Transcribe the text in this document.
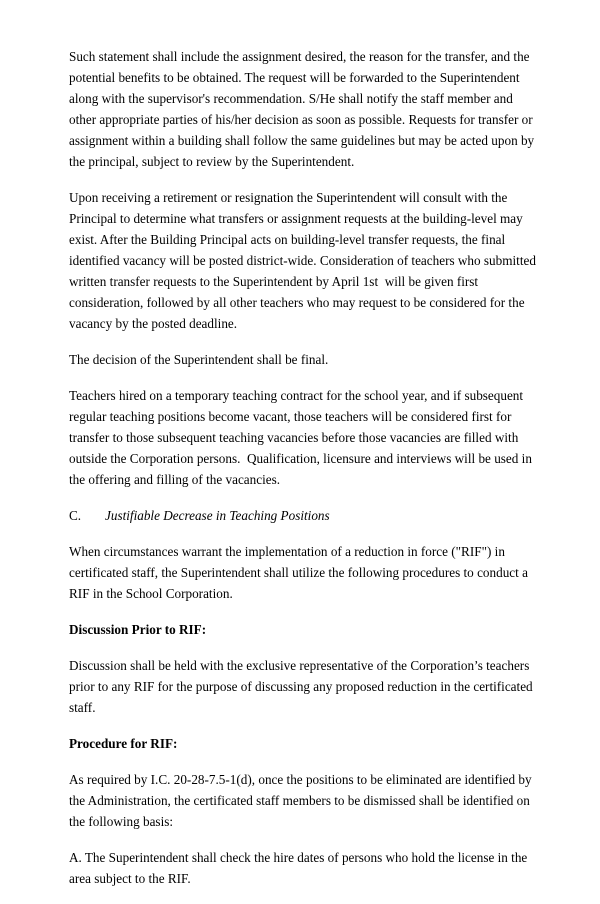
Such statement shall include the assignment desired, the reason for the transfer, and the potential benefits to be obtained. The request will be forwarded to the Superintendent along with the supervisor's recommendation. S/He shall notify the staff member and other appropriate parties of his/her decision as soon as possible. Requests for transfer or assignment within a building shall follow the same guidelines but may be acted upon by the principal, subject to review by the Superintendent.

Upon receiving a retirement or resignation the Superintendent will consult with the Principal to determine what transfers or assignment requests at the building-level may exist. After the Building Principal acts on building-level transfer requests, the final identified vacancy will be posted district-wide. Consideration of teachers who submitted written transfer requests to the Superintendent by April 1st  will be given first consideration, followed by all other teachers who may request to be considered for the vacancy by the posted deadline.

The decision of the Superintendent shall be final.

Teachers hired on a temporary teaching contract for the school year, and if subsequent regular teaching positions become vacant, those teachers will be considered first for transfer to those subsequent teaching vacancies before those vacancies are filled with outside the Corporation persons.  Qualification, licensure and interviews will be used in the offering and filling of the vacancies.

C. Justifiable Decrease in Teaching Positions

When circumstances warrant the implementation of a reduction in force ("RIF") in certificated staff, the Superintendent shall utilize the following procedures to conduct a RIF in the School Corporation.

Discussion Prior to RIF:

Discussion shall be held with the exclusive representative of the Corporation’s teachers prior to any RIF for the purpose of discussing any proposed reduction in the certificated staff.

Procedure for RIF:

As required by I.C. 20-28-7.5-1(d), once the positions to be eliminated are identified by the Administration, the certificated staff members to be dismissed shall be identified on the following basis:

A. The Superintendent shall check the hire dates of persons who hold the license in the area subject to the RIF.
